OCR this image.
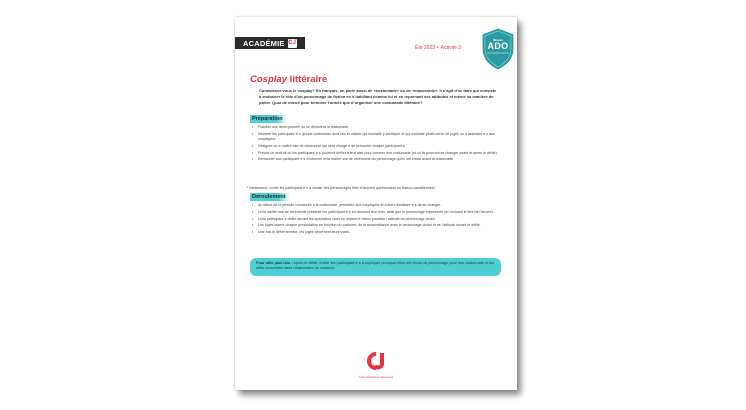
ACADÉMIE CJ
Été 2023 • Activité 2
Niveau
ADO
Cosplay littéraire

Connaissez-vous le cosplay? En français, on parle aussi de «costumade» ou de «mascarade». Il s’agit d’se faire qui consiste à endosser le rôle d’un personnage de fiction en s’habillant comme lui et en reprenant ses attitudes et même sa manière de parler. Quoi de mieux pour terminer l’année que d’organiser une costumade littéraire?

Préparation
• Planifier une demi-journée où se déroulera la costumade.
• Informer les participant·e·s qu’une costumade aura lieu et valider qui souhaite y participer et qui souhaite plutôt servir de jugés ou d’assistant·e·s aux cosplayers.
• Désigner un·e maître·sse de cérémonie qui sera chargé·e de présenter chaque participant·e.
• Prévoir un endroit où les participant·e·s pourront défiler à leur aise pour montrer leur costumade (et où ils pourront se changer avant et après le défilé).
• Demander aux participant·e·s d’informer le/la maître·sse de cérémonie du personnage qu’ils ont choisi avant la costumade.

* Idéalement, inciter les participant·e·s à choisir des personnages tirés d’œuvres québécoises ou franco-canadiennes!

Déroulement
• Au début de la période consacrée à la costumade, permettre aux cosplayers et à leurs assistant·e·s de se changer.
• Le/la maître·sse de cérémonie présente les participant·e·s en donnant leur nom, ainsi que le personnage représenté (en incluant le titre de l’œuvre).
• Le/la participant·e défile devant les spectateur·rices en imitant le mieux possible l’attitude du personnage choisi.
• Les juges notent chaque présentation en fonction du costume, de la ressemblance avec le personnage choisi et de l’attitude durant le défilé.
• Une fois le défilé terminé, les juges décernent leurs votes.
Pour aller plus loin : Après le défilé, inviter les participant·e·s à expliquer pourquoi elles ont choisi ce personnage pour leur costumade et les défis rencontrés dans l’élaboration du costume.
Communication-Jeunesse
